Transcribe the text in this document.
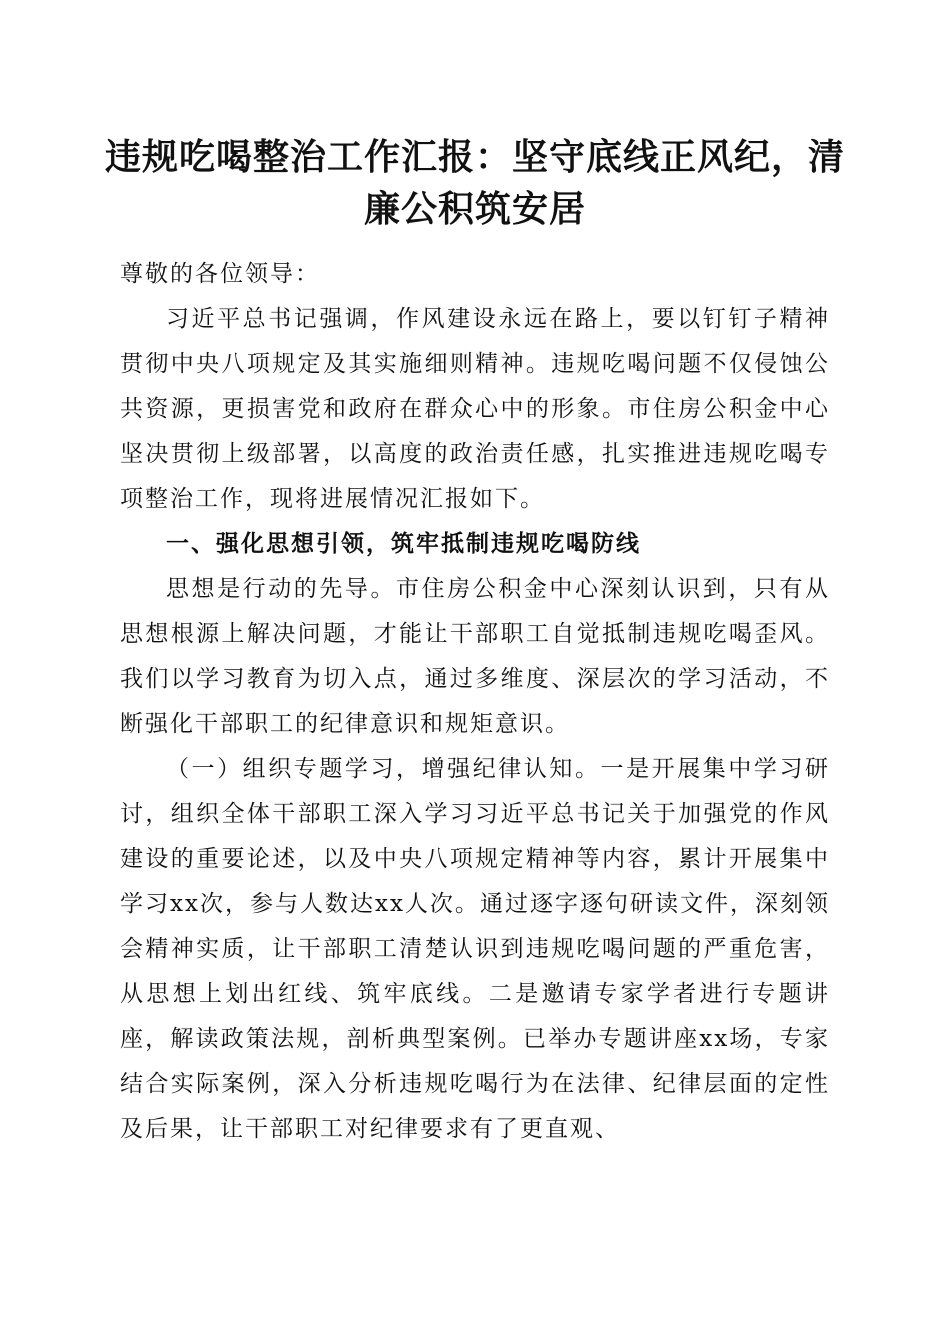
违规吃喝整治工作汇报：坚守底线正风纪，清廉公积筑安居

尊敬的各位领导：

习近平总书记强调，作风建设永远在路上，要以钉钉子精神贯彻中央八项规定及其实施细则精神。违规吃喝问题不仅侵蚀公共资源，更损害党和政府在群众心中的形象。市住房公积金中心坚决贯彻上级部署，以高度的政治责任感，扎实推进违规吃喝专项整治工作，现将进展情况汇报如下。

一、强化思想引领，筑牢抵制违规吃喝防线

思想是行动的先导。市住房公积金中心深刻认识到，只有从思想根源上解决问题，才能让干部职工自觉抵制违规吃喝歪风。我们以学习教育为切入点，通过多维度、深层次的学习活动，不断强化干部职工的纪律意识和规矩意识。

（一）组织专题学习，增强纪律认知。一是开展集中学习研讨，组织全体干部职工深入学习习近平总书记关于加强党的作风建设的重要论述，以及中央八项规定精神等内容，累计开展集中学习xx次，参与人数达xx人次。通过逐字逐句研读文件，深刻领会精神实质，让干部职工清楚认识到违规吃喝问题的严重危害，从思想上划出红线、筑牢底线。二是邀请专家学者进行专题讲座，解读政策法规，剖析典型案例。已举办专题讲座xx场，专家结合实际案例，深入分析违规吃喝行为在法律、纪律层面的定性及后果，让干部职工对纪律要求有了更直观、
